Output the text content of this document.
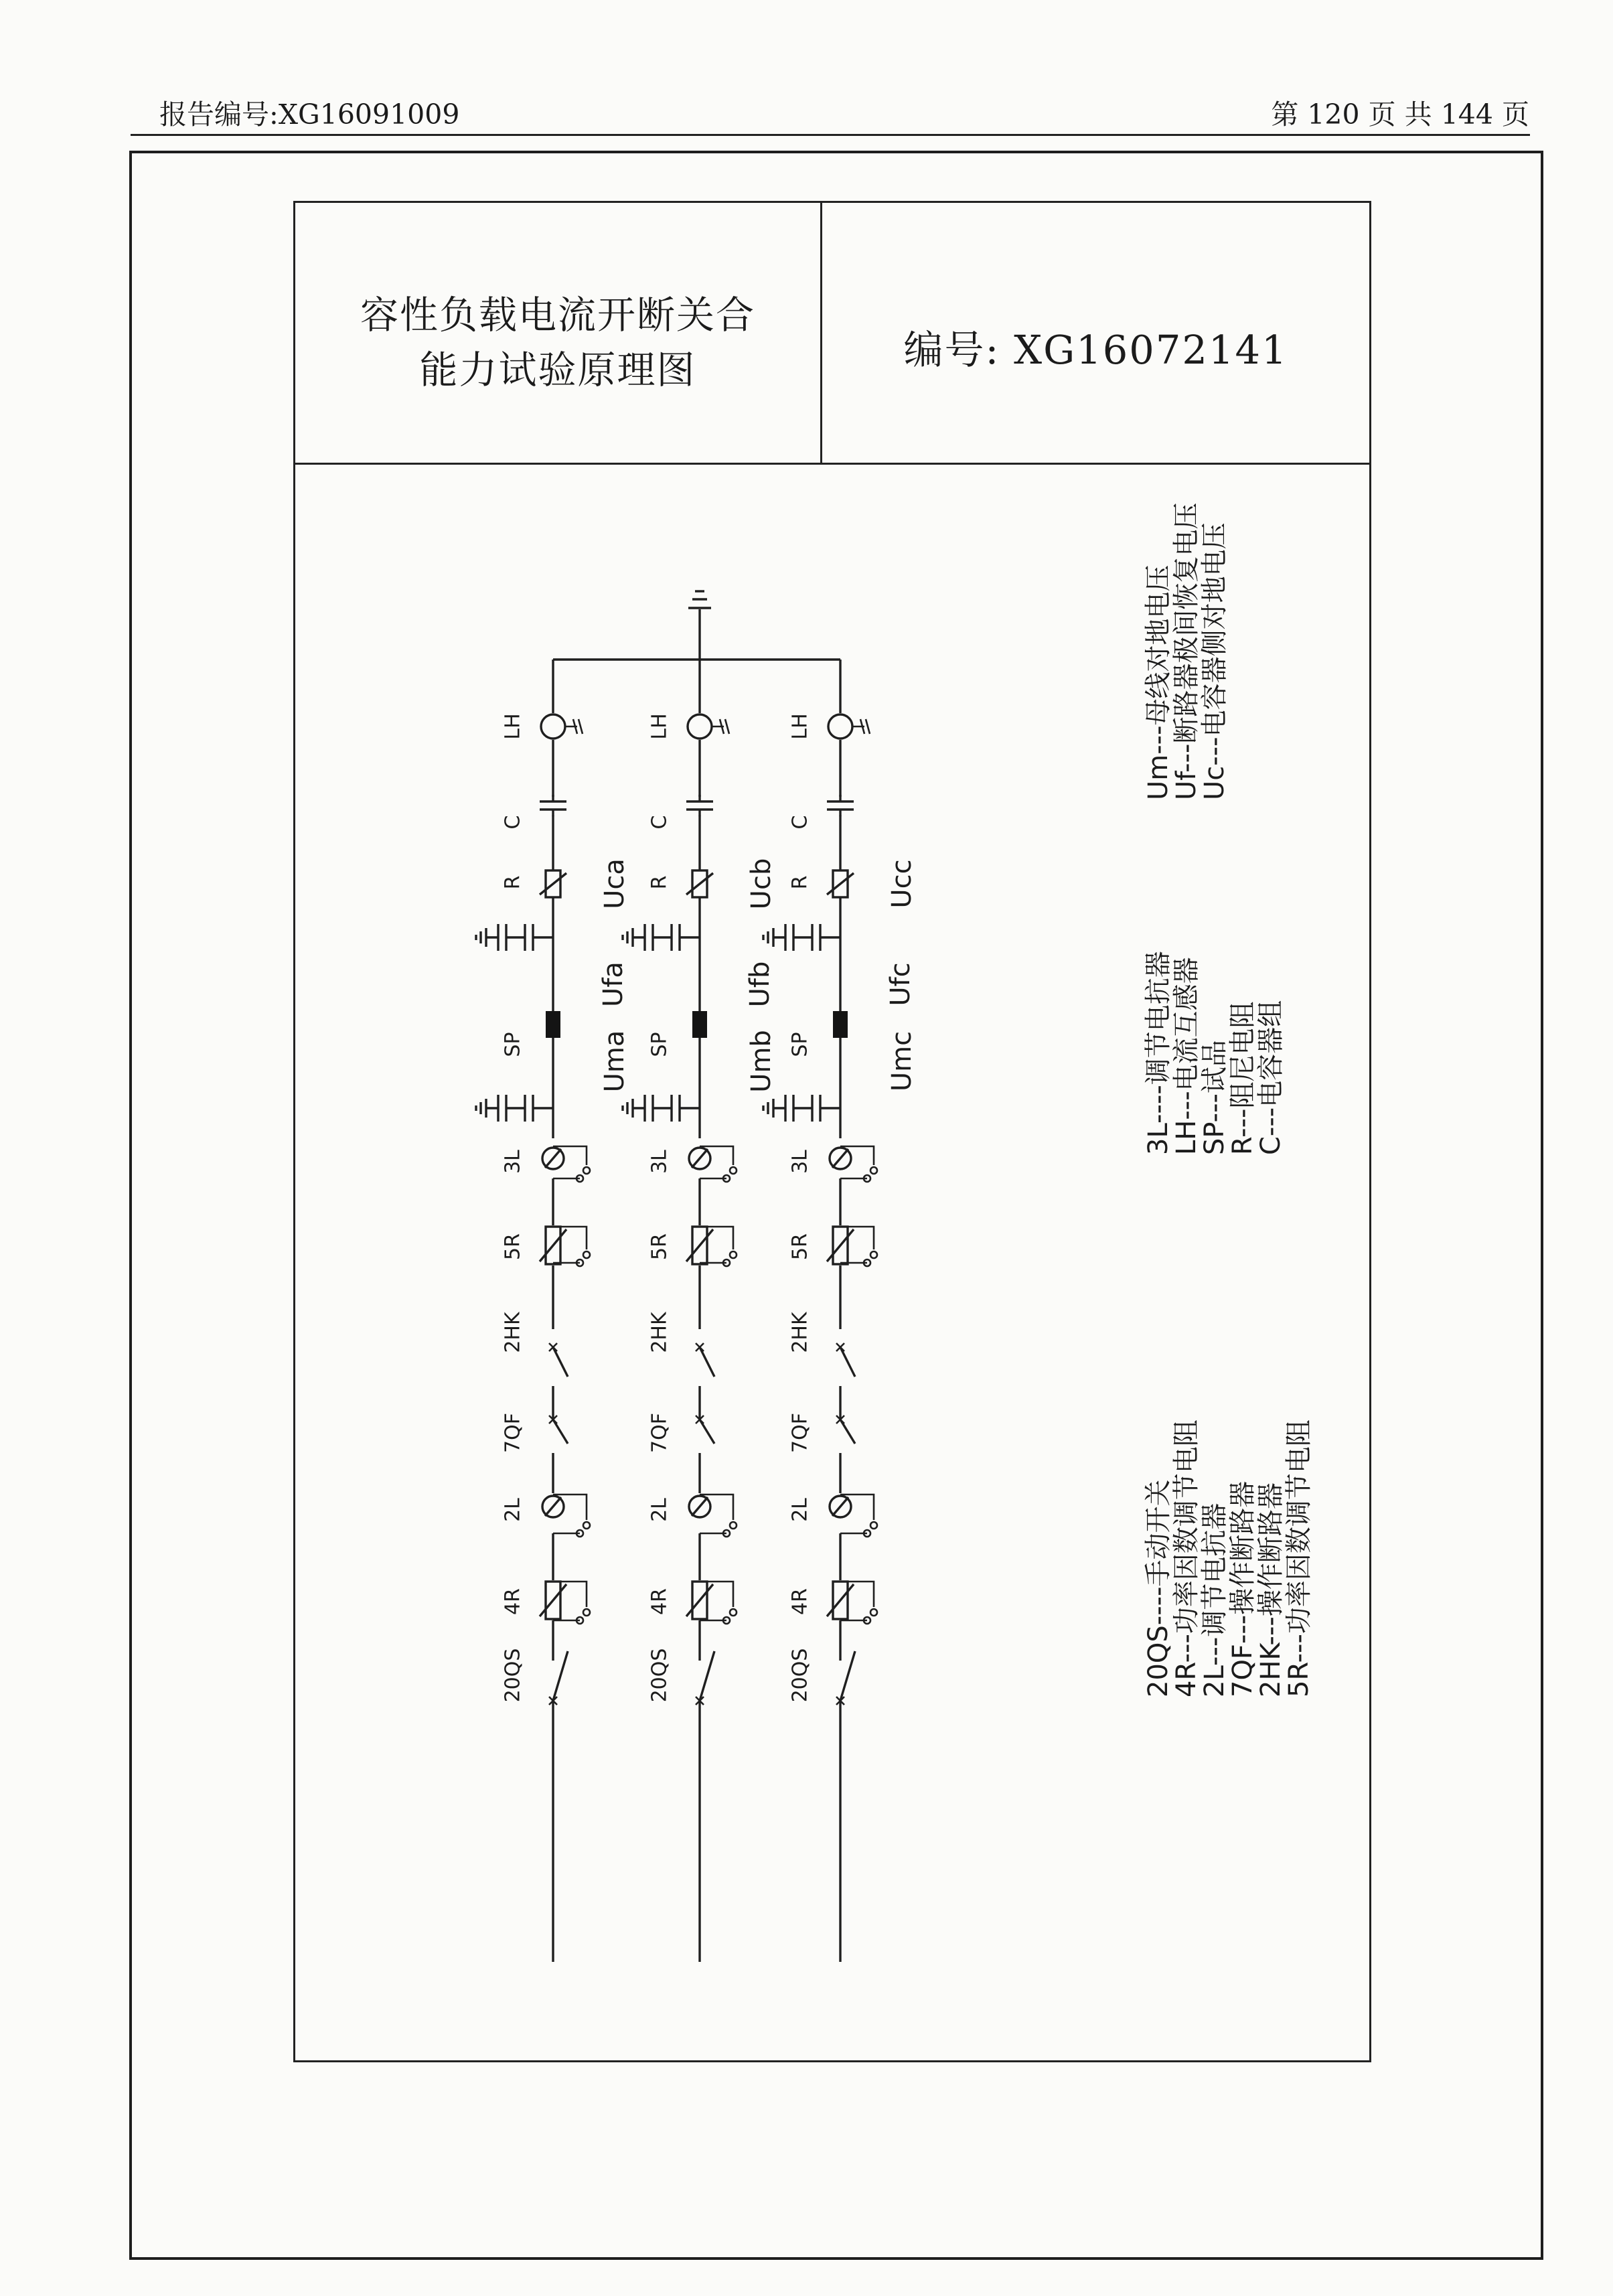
报告编号:XG16091009	第 120 页 共 144 页
容性负载电流开断关合
能力试验原理图	编号: XG16072141
Uca
Ufa
Uma
LH
C
R
SP
3L
5R
2HK
7QF
2L
4R
20QS
Ucb
Ufb
Umb
LH
C
R
SP
3L
5R
2HK
7QF
2L
4R
20QS
Ucc
Ufc
Umc
LH
C
R
SP
3L
5R
2HK
7QF
2L
4R
20QS
Um---母线对地电压
Uf---断路器极间恢复电压
Uc---电容器侧对地电压
3L----调节电抗器
LH---电流互感器
SP---试品
R---阻尼电阻
C---电容器组
20QS----手动开关
4R---功率因数调节电阻
2L---调节电抗器
7QF---操作断路器
2HK---操作断路器
5R---功率因数调节电阻
